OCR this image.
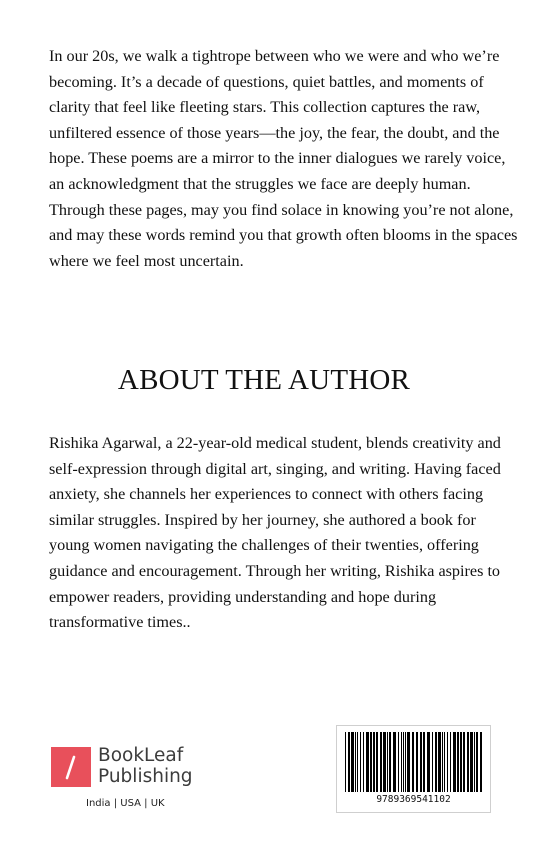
In our 20s, we walk a tightrope between who we were and who we’re becoming. It’s a decade of questions, quiet battles, and moments of clarity that feel like fleeting stars. This collection captures the raw, unfiltered essence of those years—the joy, the fear, the doubt, and the hope. These poems are a mirror to the inner dialogues we rarely voice, an acknowledgment that the struggles we face are deeply human. Through these pages, may you find solace in knowing you’re not alone, and may these words remind you that growth often blooms in the spaces where we feel most uncertain.

ABOUT THE AUTHOR

Rishika Agarwal, a 22-year-old medical student, blends creativity and self-expression through digital art, singing, and writing. Having faced anxiety, she channels her experiences to connect with others facing similar struggles. Inspired by her journey, she authored a book for young women navigating the challenges of their twenties, offering guidance and encouragement. Through her writing, Rishika aspires to empower readers, providing understanding and hope during transformative times..

BookLeaf
Publishing
India | USA | UK	9789369541102
